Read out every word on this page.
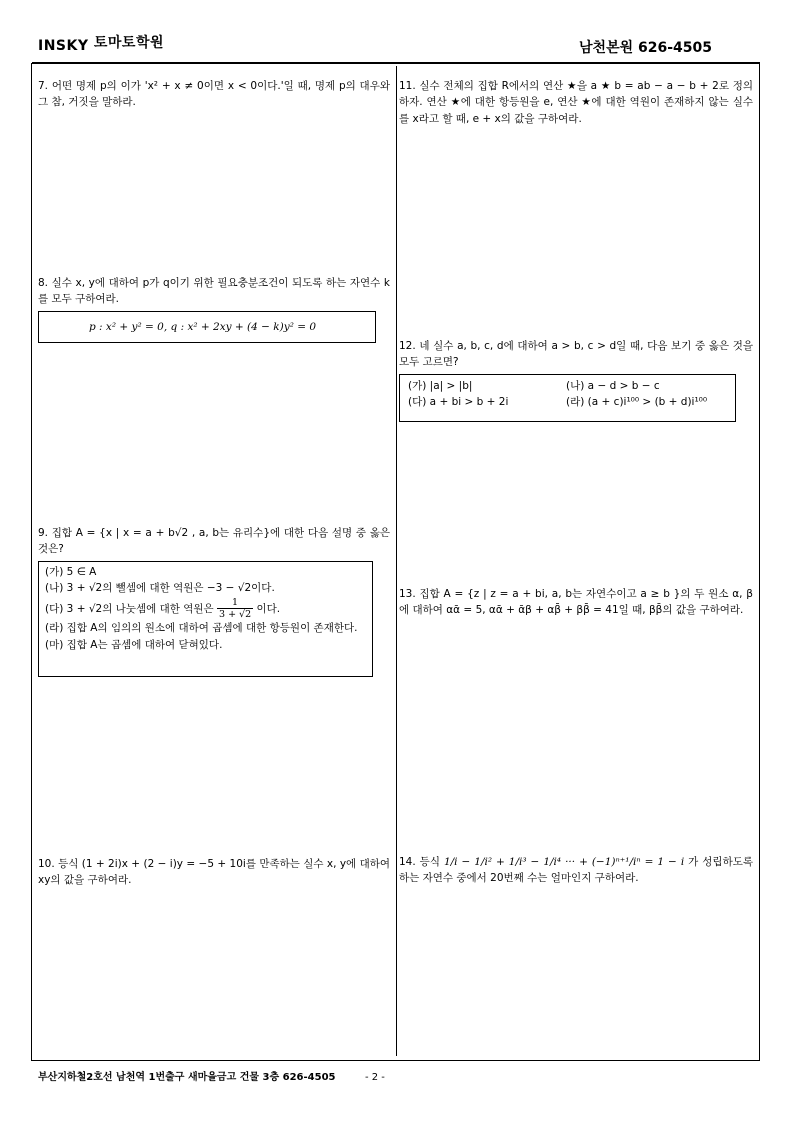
INSKY 토마토학원	남천본원 626-4505
7. 어떤 명제 p의 이가 'x² + x ≠ 0이면 x < 0이다.'일 때, 명제 p의 대우와 그 참, 거짓을 말하라.
8. 실수 x, y에 대하여 p가 q이기 위한 필요충분조건이 되도록 하는 자연수 k를 모두 구하여라.
p : x² + y² = 0, q : x² + 2xy + (4 − k)y² = 0
9. 집합 A = {x | x = a + b√2 , a, b는 유리수}에 대한 다음 설명 중 옳은 것은?
(가) 5 ∈ A
(나) 3 + √2의 뺄셈에 대한 역원은 −3 − √2이다.
(다) 3 + √2의 나눗셈에 대한 역원은 $\frac{1}{3 + √2}$ 이다.
(라) 집합 A의 임의의 원소에 대하여 곱셈에 대한 항등원이 존재한다.
(마) 집합 A는 곱셈에 대하여 닫혀있다.
10. 등식 (1 + 2i)x + (2 − i)y = −5 + 10i를 만족하는 실수 x, y에 대하여 xy의 값을 구하여라.
11. 실수 전체의 집합 R에서의 연산 ★을 a ★ b = ab − a − b + 2로 정의하자. 연산 ★에 대한 항등원을 e, 연산 ★에 대한 역원이 존재하지 않는 실수를 x라고 할 때, e + x의 값을 구하여라.
12. 네 실수 a, b, c, d에 대하여 a > b, c > d일 때, 다음 보기 중 옳은 것을 모두 고르면?
(가) |a| > |b|	(나) a − d > b − c
(다) a + bi > b + 2i	(라) (a + c)i¹⁰⁰ > (b + d)i¹⁰⁰
13. 집합 A = {z | z = a + bi, a, b는 자연수이고 a ≥ b }의 두 원소 α, β에 대하여 αᾱ = 5, αᾱ + ᾱβ + αβ̄ + ββ̄ = 41일 때, ββ̄의 값을 구하여라.
14. 등식 1/i − 1/i² + 1/i³ − 1/i⁴ ··· + (−1)ⁿ⁺¹/iⁿ = 1 − i 가 성립하도록 하는 자연수 중에서 20번째 수는 얼마인지 구하여라.
부산지하철2호선 남천역 1번출구 새마을금고 건물 3층 626-4505	- 2 -
